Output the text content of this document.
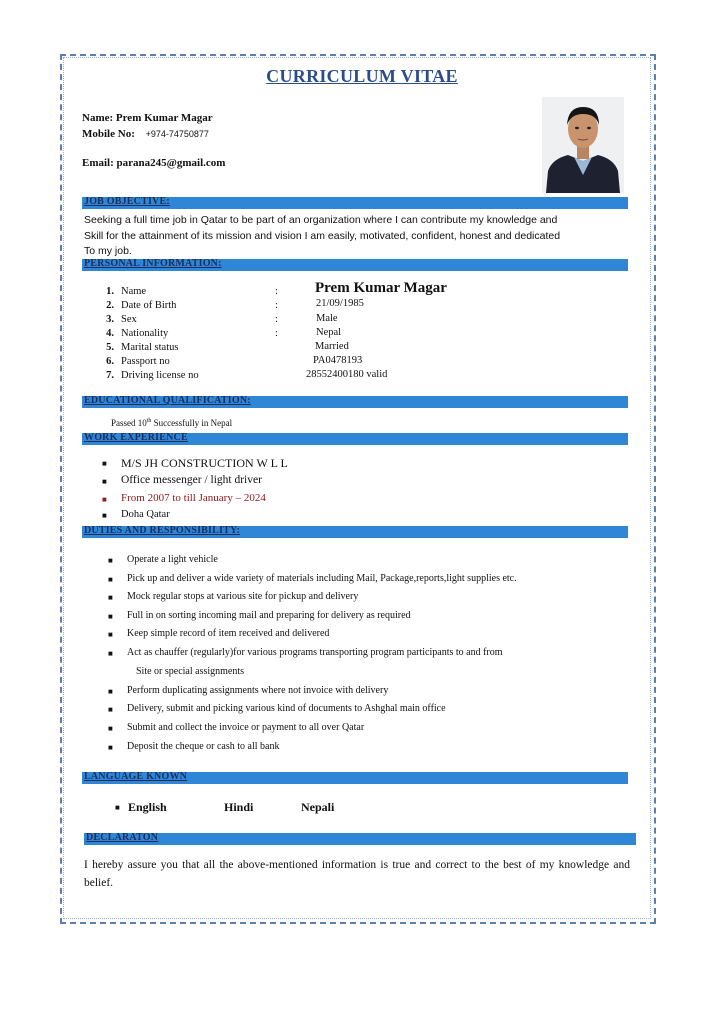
CURRICULUM VITAE
Name: Prem Kumar Magar
Mobile No: +974-74750877
Email: parana245@gmail.com
JOB OBJECTIVE:
Seeking a full time job in Qatar to be part of an organization where I can contribute my knowledge and
Skill for the attainment of its mission and vision I am easily, motivated, confident, honest and dedicated
To my job.
PERSONAL INFORMATION:
1. Name	: Prem Kumar Magar
2. Date of Birth	:	21/09/1985
3. Sex	:	Male
4. Nationality	:	Nepal
5. Marital status	Married
6. Passport no	PA0478193
7. Driving license no	28552400180 valid
EDUCATIONAL QUALIFICATION:
Passed 10th Successfully in Nepal
WORK EXPERIENCE
■ M/S JH CONSTRUCTION W L L
■ Office messenger / light driver
■ From 2007 to till January – 2024
■ Doha Qatar
DUTIES AND RESPONSIBILITY:
■ Operate a light vehicle
■ Pick up and deliver a wide variety of materials including Mail, Package,reports,light supplies etc.
■ Mock regular stops at various site for pickup and delivery
■ Full in on sorting incoming mail and preparing for delivery as required
■ Keep simple record of item received and delivered
■ Act as chauffer (regularly)for various programs transporting program participants to and from
Site or special assignments
■ Perform duplicating assignments where not invoice with delivery
■ Delivery, submit and picking various kind of documents to Ashghal main office
■ Submit and collect the invoice or payment to all over Qatar
■ Deposit the cheque or cash to all bank
LANGUAGE KNOWN
■ English	Hindi	Nepali
DECLARATON
I hereby assure you that all the above-mentioned information is true and correct to the best of my knowledge and belief.
